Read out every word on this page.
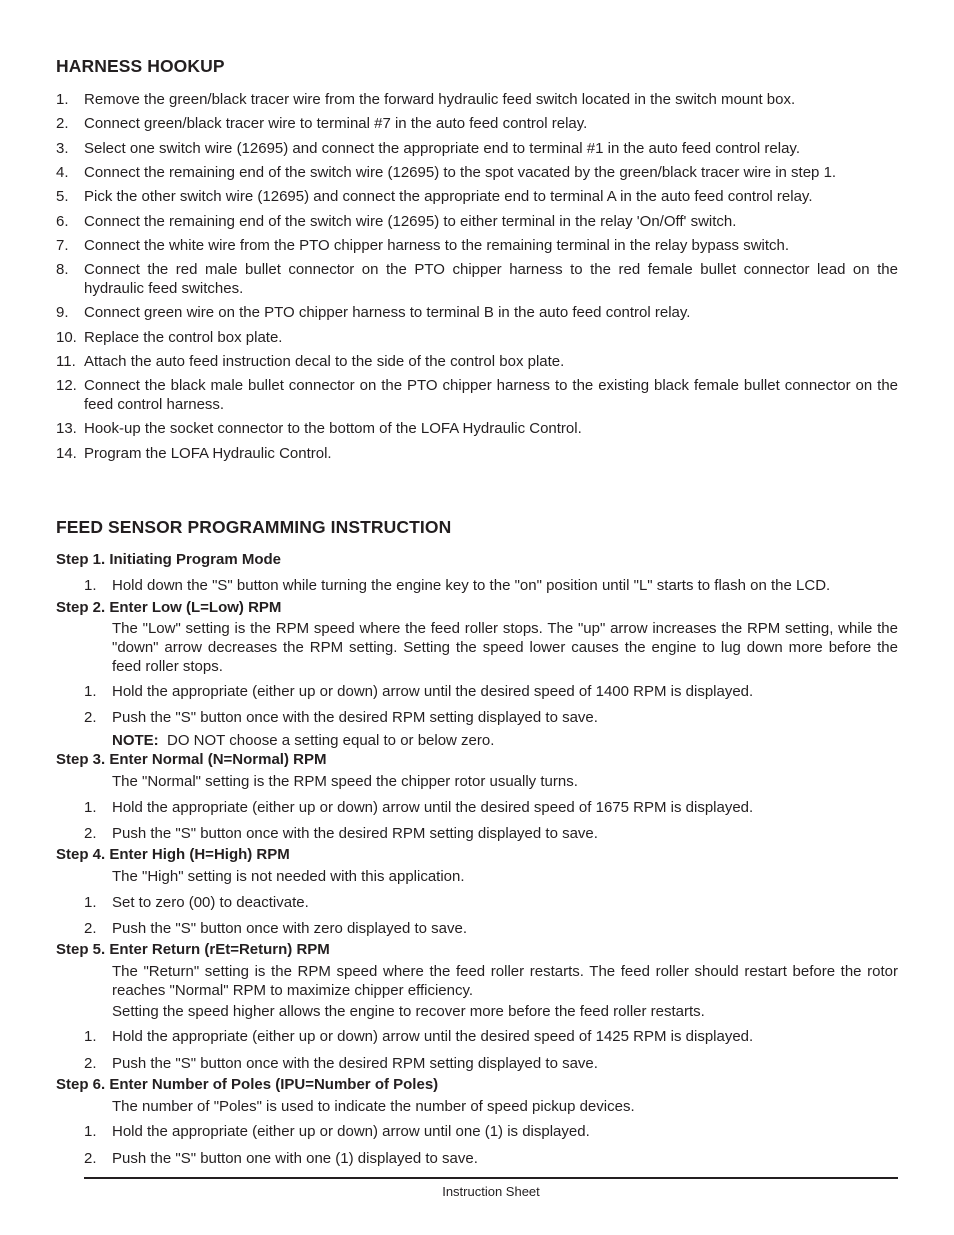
HARNESS HOOKUP
1. Remove the green/black tracer wire from the forward hydraulic feed switch located in the switch mount box.
2. Connect green/black tracer wire to terminal #7 in the auto feed control relay.
3. Select one switch wire (12695) and connect the appropriate end to terminal #1 in the auto feed control relay.
4. Connect the remaining end of the switch wire (12695) to the spot vacated by the green/black tracer wire in step 1.
5. Pick the other switch wire (12695) and connect the appropriate end to terminal A in the auto feed control relay.
6. Connect the remaining end of the switch wire (12695) to either terminal in the relay 'On/Off' switch.
7. Connect the white wire from the PTO chipper harness to the remaining terminal in the relay bypass switch.
8. Connect the red male bullet connector on the PTO chipper harness to the red female bullet connector lead on the hydraulic feed switches.
9. Connect green wire on the PTO chipper harness to terminal B in the auto feed control relay.
10. Replace the control box plate.
11. Attach the auto feed instruction decal to the side of the control box plate.
12. Connect the black male bullet connector on the PTO chipper harness to the existing black female bullet connector on the feed control harness.
13. Hook-up the socket connector to the bottom of the LOFA Hydraulic Control.
14. Program the LOFA Hydraulic Control.
FEED SENSOR PROGRAMMING INSTRUCTION
Step 1. Initiating Program Mode
1. Hold down the "S" button while turning the engine key to the "on" position until "L" starts to flash on the LCD.
Step 2. Enter Low (L=Low) RPM
The "Low" setting is the RPM speed where the feed roller stops. The "up" arrow increases the RPM setting, while the "down" arrow decreases the RPM setting. Setting the speed lower causes the engine to lug down more before the feed roller stops.
1. Hold the appropriate (either up or down) arrow until the desired speed of 1400 RPM is displayed.
2. Push the "S" button once with the desired RPM setting displayed to save.
NOTE:  DO NOT choose a setting equal to or below zero.
Step 3. Enter Normal (N=Normal) RPM
The "Normal" setting is the RPM speed the chipper rotor usually turns.
1. Hold the appropriate (either up or down) arrow until the desired speed of 1675 RPM is displayed.
2. Push the "S" button once with the desired RPM setting displayed to save.
Step 4. Enter High (H=High) RPM
The "High" setting is not needed with this application.
1. Set to zero (00) to deactivate.
2. Push the "S" button once with zero displayed to save.
Step 5. Enter Return (rEt=Return) RPM
The "Return" setting is the RPM speed where the feed roller restarts. The feed roller should restart before the rotor reaches "Normal" RPM to maximize chipper efficiency.
Setting the speed higher allows the engine to recover more before the feed roller restarts.
1. Hold the appropriate (either up or down) arrow until the desired speed of 1425 RPM is displayed.
2. Push the "S" button once with the desired RPM setting displayed to save.
Step 6. Enter Number of Poles (IPU=Number of Poles)
The number of "Poles" is used to indicate the number of speed pickup devices.
1. Hold the appropriate (either up or down) arrow until one (1) is displayed.
2. Push the "S" button one with one (1) displayed to save.
Instruction Sheet
